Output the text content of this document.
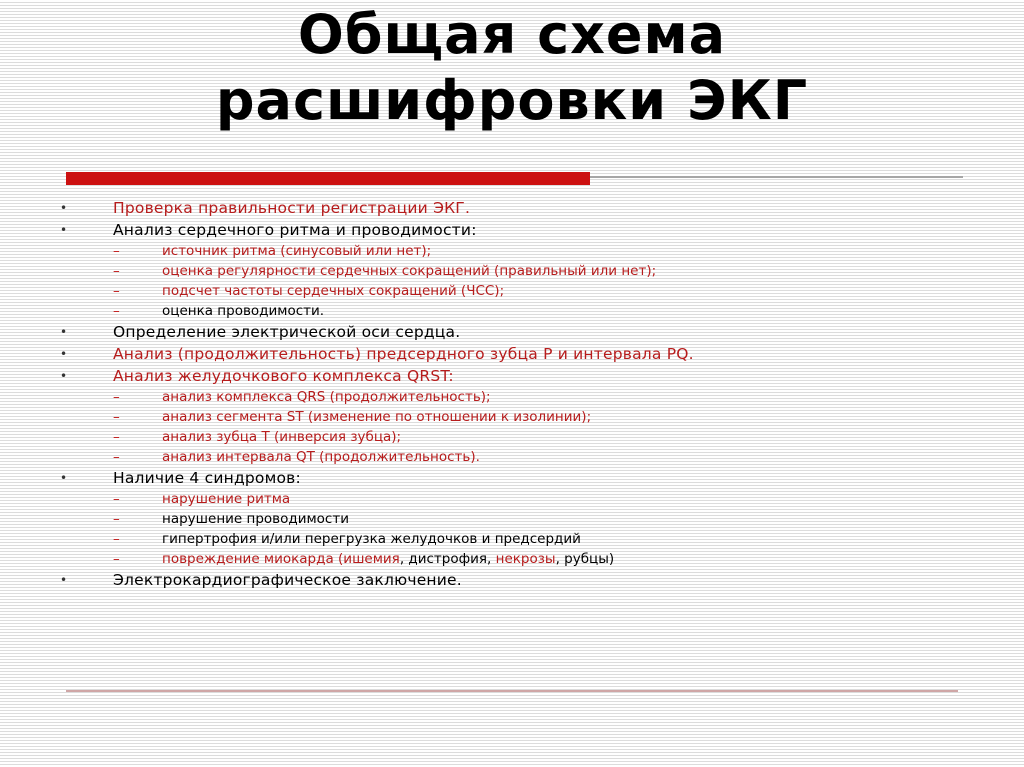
Общая схема
расшифровки ЭКГ
•	Проверка правильности регистрации ЭКГ.
•	Анализ сердечного ритма и проводимости:
–	источник ритма (синусовый или нет);
–	оценка регулярности сердечных сокращений (правильный или нет);
–	подсчет частоты сердечных сокращений (ЧСС);
–	оценка проводимости.
•	Определение электрической оси сердца.
•	Анализ (продолжительность) предсердного зубца Р и интервала PQ.
•	Анализ желудочкового комплекса QRST:
–	анализ комплекса QRS (продолжительность);
–	анализ сегмента ST (изменение по отношении к изолинии);
–	анализ зубца Т (инверсия зубца);
–	анализ интервала QT (продолжительность).
•	Наличие 4 синдромов:
–	нарушение ритма
–	нарушение проводимости
–	гипертрофия и/или перегрузка желудочков и предсердий
–	повреждение миокарда (ишемия, дистрофия, некрозы, рубцы)
•	Электрокардиографическое заключение.
